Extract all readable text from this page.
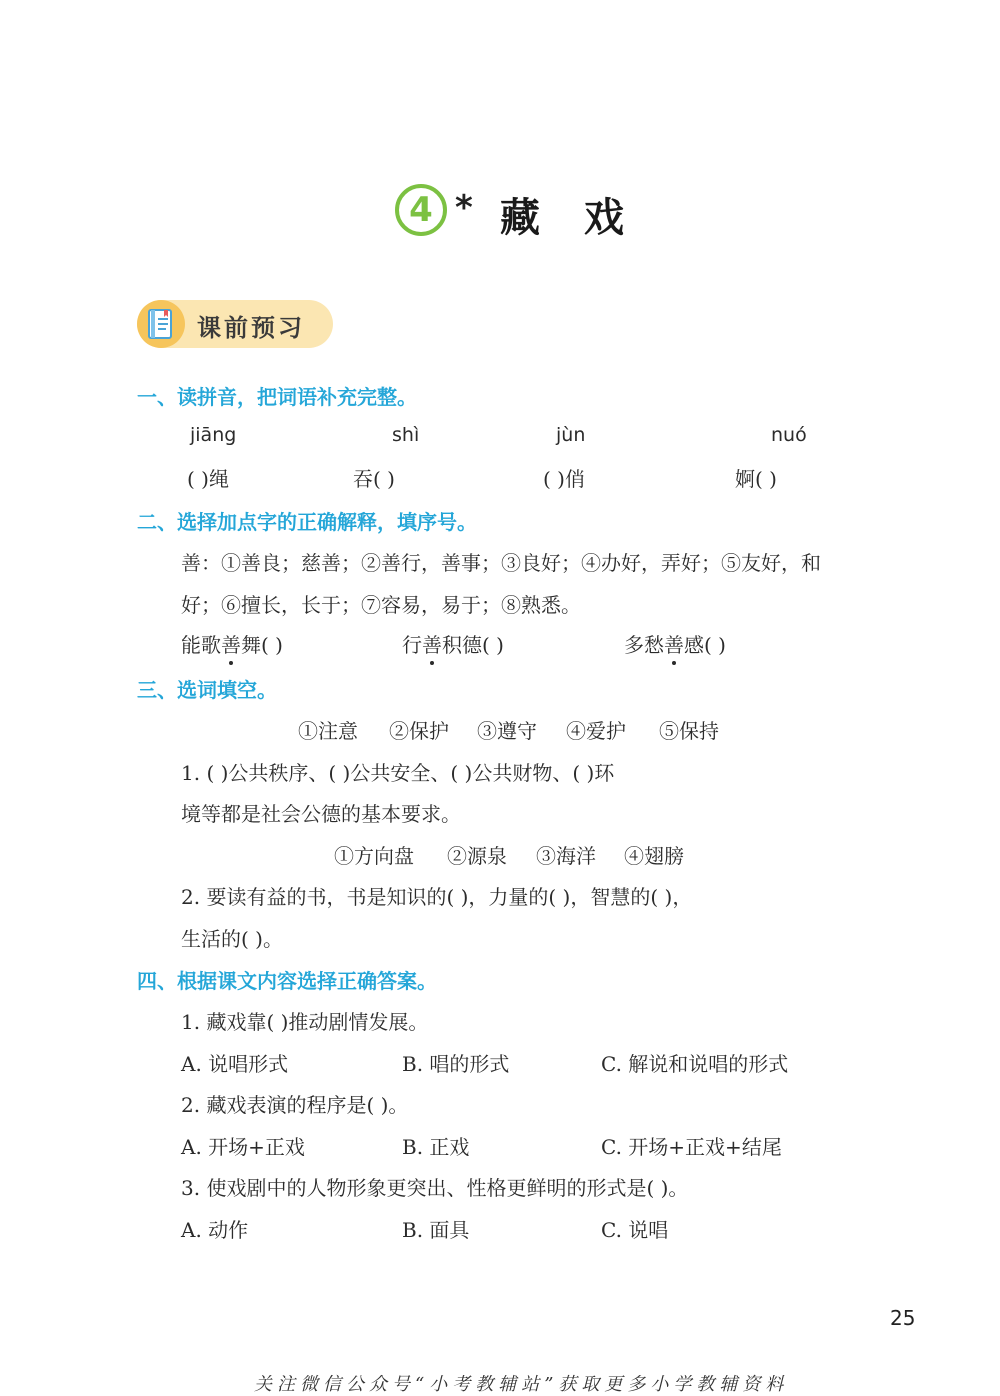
4 * 藏戏
课前预习
一、读拼音，把词语补充完整。
jiāng	shì	jùn	nuó
( )绳	吞( )	( )俏	婀( )
二、选择加点字的正确解释，填序号。
善：①善良；慈善；②善行，善事；③良好；④办好，弄好；⑤友好，和
好；⑥擅长，长于；⑦容易，易于；⑧熟悉。
能歌善舞( )	行善积德( )	多愁善感( )
三、选词填空。
①注意 ②保护 ③遵守 ④爱护 ⑤保持
1. ( )公共秩序、( )公共安全、( )公共财物、( )环
境等都是社会公德的基本要求。
①方向盘 ②源泉 ③海洋 ④翅膀
2. 要读有益的书，书是知识的( )，力量的( )，智慧的( )，
生活的( )。
四、根据课文内容选择正确答案。
1. 藏戏靠( )推动剧情发展。
A. 说唱形式	B. 唱的形式	C. 解说和说唱的形式
2. 藏戏表演的程序是( )。
A. 开场+正戏	B. 正戏	C. 开场+正戏+结尾
3. 使戏剧中的人物形象更突出、性格更鲜明的形式是( )。
A. 动作	B. 面具	C. 说唱
25
关注微信公众号“小考教辅站”获取更多小学教辅资料
